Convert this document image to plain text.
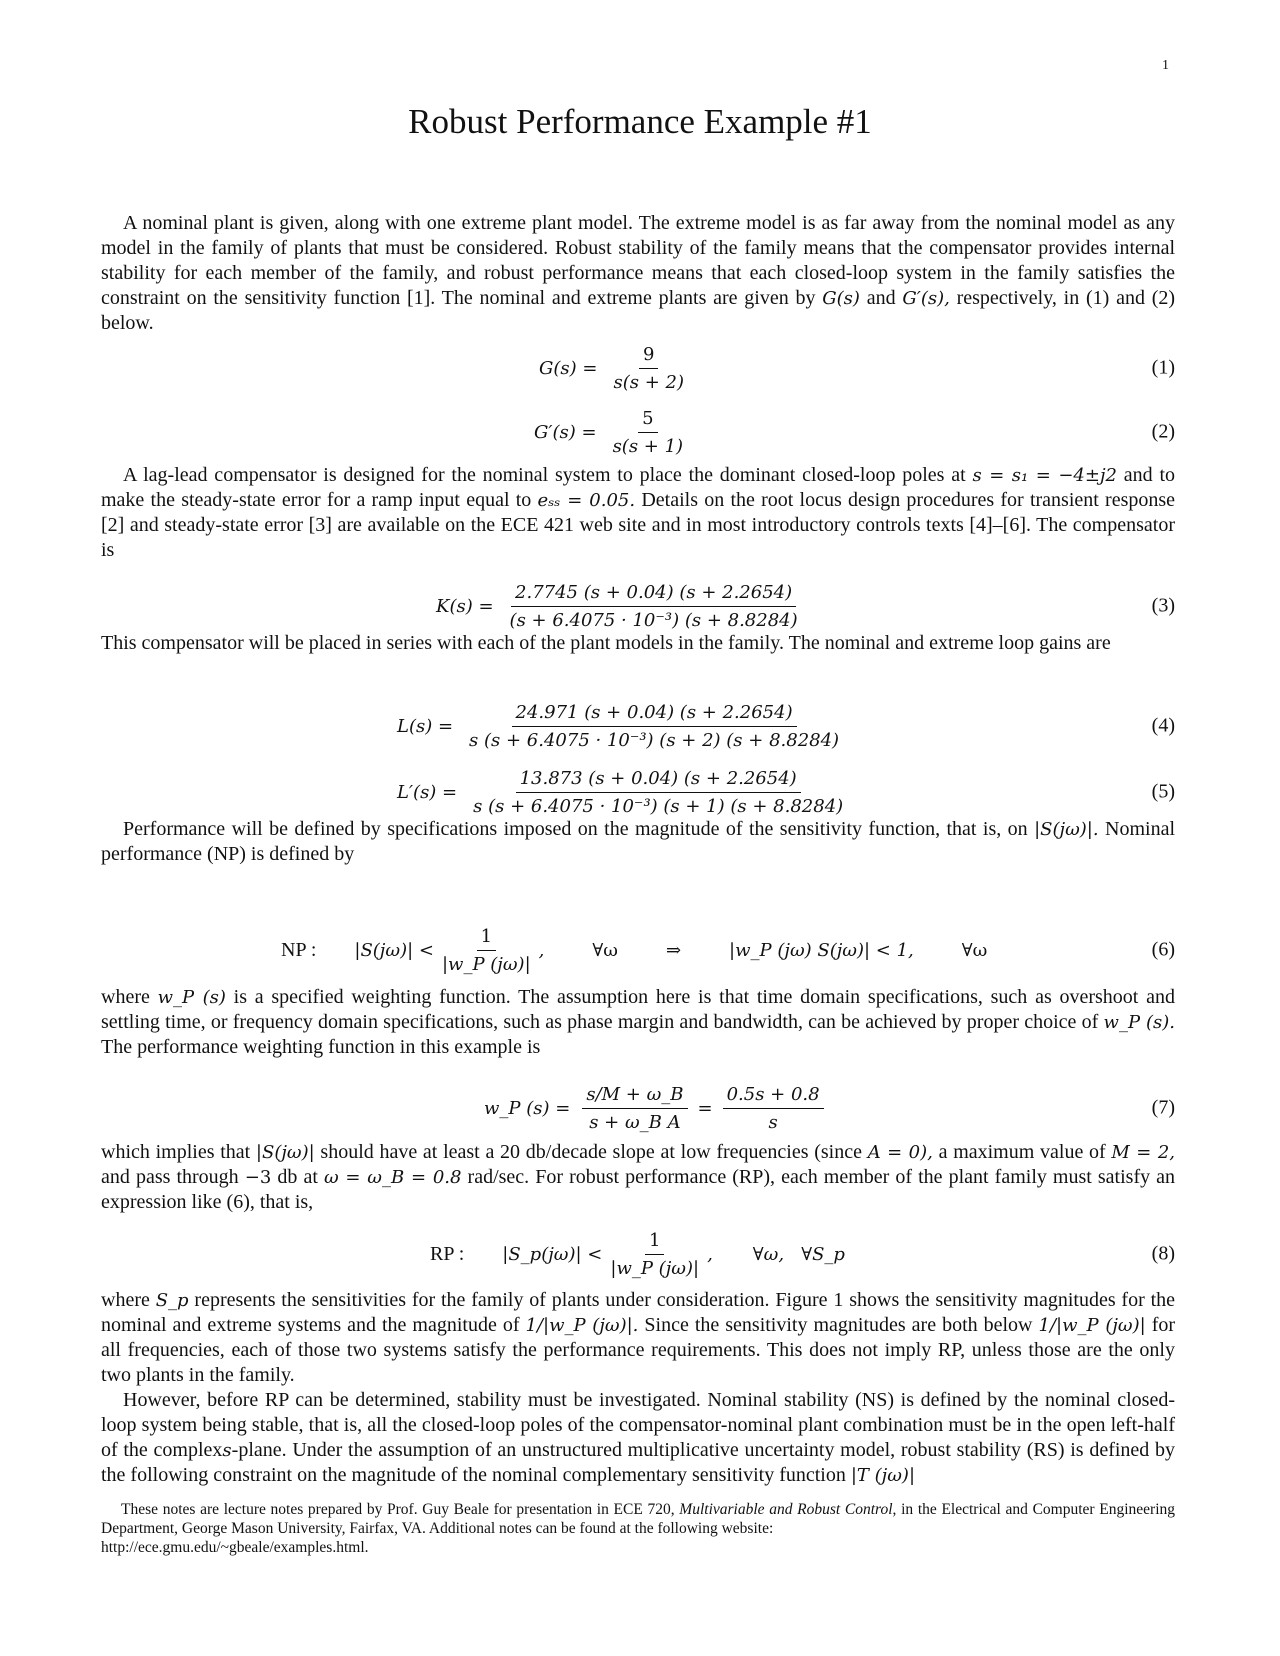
1
Robust Performance Example #1
A nominal plant is given, along with one extreme plant model. The extreme model is as far away from the nominal model as any model in the family of plants that must be considered. Robust stability of the family means that the compensator provides internal stability for each member of the family, and robust performance means that each closed-loop system in the family satisfies the constraint on the sensitivity function [1]. The nominal and extreme plants are given by G(s) and G′(s), respectively, in (1) and (2) below.
$G(s) = \frac{9}{s(s + 2)}$	(1)
$G'(s) = \frac{5}{s(s + 1)}$	(2)
A lag-lead compensator is designed for the nominal system to place the dominant closed-loop poles at s = s₁ = −4±j2 and to make the steady-state error for a ramp input equal to eₛₛ = 0.05. Details on the root locus design procedures for transient response [2] and steady-state error [3] are available on the ECE 421 web site and in most introductory controls texts [4]–[6]. The compensator is
$K(s) = \frac{2.7745 (s + 0.04) (s + 2.2654)}{\text{(s + 6.4075 · 10⁻³) (s + 8.8284)}}$	(3)
This compensator will be placed in series with each of the plant models in the family. The nominal and extreme loop gains are
$L(s) = \frac{24.971 (s + 0.04) (s + 2.2654)}{\text{s (s + 6.4075 · 10⁻³) (s + 2) (s + 8.8284)}}$	(4)
$L'(s) = \frac{13.873 (s + 0.04) (s + 2.2654)}{\text{s (s + 6.4075 · 10⁻³) (s + 1) (s + 8.8284)}}$	(5)
Performance will be defined by specifications imposed on the magnitude of the sensitivity function, that is, on |S(jω)|. Nominal performance (NP) is defined by
NP : $|S(j\omega)| < \frac{1}{|w\_P (j\omega)|}$ ,	∀ω	⇒	|w_P (jω) S(jω)| < 1,	∀ω	(6)
where w_P (s) is a specified weighting function. The assumption here is that time domain specifications, such as overshoot and settling time, or frequency domain specifications, such as phase margin and bandwidth, can be achieved by proper choice of w_P (s). The performance weighting function in this example is
w_P $(s) = \frac{s/M + \omega\_B}{\text{s + ω\_B A}} = \frac{0.5s + 0.8}{s}$	(7)
which implies that |S(jω)| should have at least a 20 db/decade slope at low frequencies (since A = 0), a maximum value of M = 2, and pass through −3 db at ω = ω_B = 0.8 rad/sec. For robust performance (RP), each member of the plant family must satisfy an expression like (6), that is,
RP : |S_p(jω)| < $\frac{1}{|w\_P (j\omega)|}$ , ∀ω,   ∀S_p	(8)
where S_p represents the sensitivities for the family of plants under consideration. Figure 1 shows the sensitivity magnitudes for the nominal and extreme systems and the magnitude of 1/|w_P (jω)|. Since the sensitivity magnitudes are both below 1/|w_P (jω)| for all frequencies, each of those two systems satisfy the performance requirements. This does not imply RP, unless those are the only two plants in the family.
However, before RP can be determined, stability must be investigated. Nominal stability (NS) is defined by the nominal closed-loop system being stable, that is, all the closed-loop poles of the compensator-nominal plant combination must be in the open left-half of the complexs-plane. Under the assumption of an unstructured multiplicative uncertainty model, robust stability (RS) is defined by the following constraint on the magnitude of the nominal complementary sensitivity function |T (jω)|
These notes are lecture notes prepared by Prof. Guy Beale for presentation in ECE 720, Multivariable and Robust Control, in the Electrical and Computer Engineering Department, George Mason University, Fairfax, VA. Additional notes can be found at the following website:
http://ece.gmu.edu/~gbeale/examples.html.
